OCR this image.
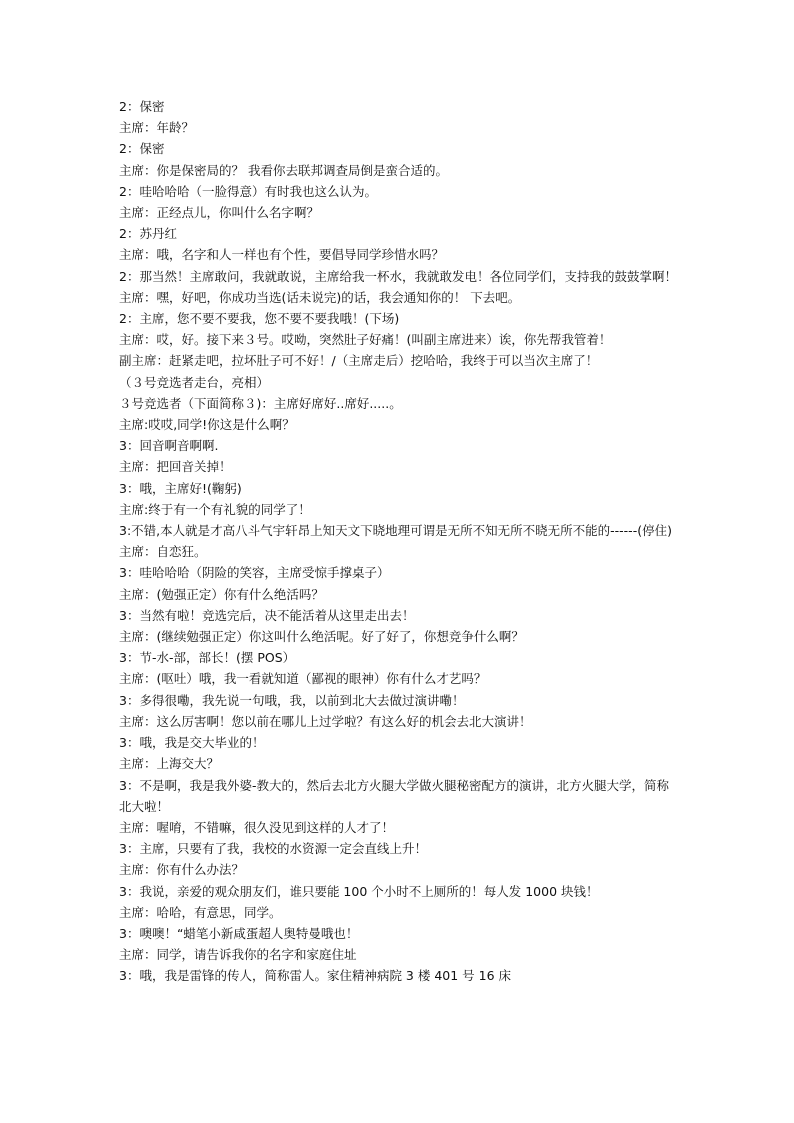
2：保密

主席：年龄？

2：保密

主席：你是保密局的？ 我看你去联邦调查局倒是蛮合适的。

2：哇哈哈哈（一脸得意）有时我也这么认为。

主席：正经点儿，你叫什么名字啊？

2：苏丹红

主席：哦，名字和人一样也有个性，要倡导同学珍惜水吗？

2：那当然！主席敢问，我就敢说，主席给我一杯水，我就敢发电！各位同学们，支持我的鼓鼓掌啊！

主席：嘿，好吧，你成功当选(话未说完)的话，我会通知你的！ 下去吧。

2：主席，您不要不要我，您不要不要我哦！(下场)

主席：哎，好。接下来３号。哎呦，突然肚子好痛！(叫副主席进来）诶，你先帮我管着！

副主席：赶紧走吧，拉坏肚子可不好！/（主席走后）挖哈哈，我终于可以当次主席了！

（３号竞选者走台，亮相）

３号竞选者（下面简称３)：主席好席好..席好.....。

主席:哎哎,同学!你这是什么啊？

3：回音啊音啊啊.

主席：把回音关掉！

3：哦，主席好!(鞠躬)

主席:终于有一个有礼貌的同学了！

3:不错,本人就是才高八斗气宇轩昂上知天文下晓地理可谓是无所不知无所不晓无所不能的------(停住)

主席：自恋狂。

3：哇哈哈哈（阴险的笑容，主席受惊手撑桌子）

主席：(勉强正定）你有什么绝活吗？

3：当然有啦！竞选完后，决不能活着从这里走出去！

主席：(继续勉强正定）你这叫什么绝活呢。好了好了，你想竞争什么啊？

3：节-水-部，部长！(摆 POS）

主席：(呕吐）哦，我一看就知道（鄙视的眼神）你有什么才艺吗？

3：多得很嘞，我先说一句哦，我，以前到北大去做过演讲嘞！

主席：这么厉害啊！您以前在哪儿上过学啦？有这么好的机会去北大演讲！

3：哦，我是交大毕业的！

主席：上海交大？

3：不是啊，我是我外婆-教大的，然后去北方火腿大学做火腿秘密配方的演讲，北方火腿大学，简称北大啦！

主席：喔唷，不错嘛，很久没见到这样的人才了！

3：主席，只要有了我，我校的水资源一定会直线上升！

主席：你有什么办法？

3：我说，亲爱的观众朋友们，谁只要能 100 个小时不上厕所的！每人发 1000 块钱！

主席：哈哈，有意思，同学。

3：噢噢！“蜡笔小新咸蛋超人奥特曼哦也！

主席：同学，请告诉我你的名字和家庭住址

3：哦，我是雷锋的传人，简称雷人。家住精神病院 3 楼 401 号 16 床
